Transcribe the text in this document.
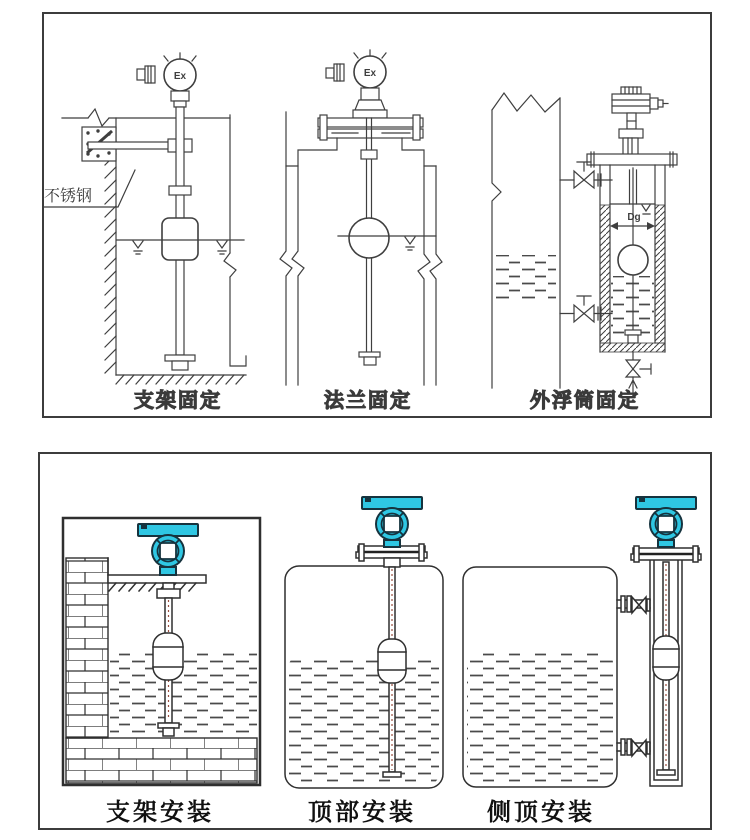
Ex
不锈钢
支架固定
Ex
法兰固定
Dg
外浮筒固定
支架安装	顶部安装	侧顶安装
